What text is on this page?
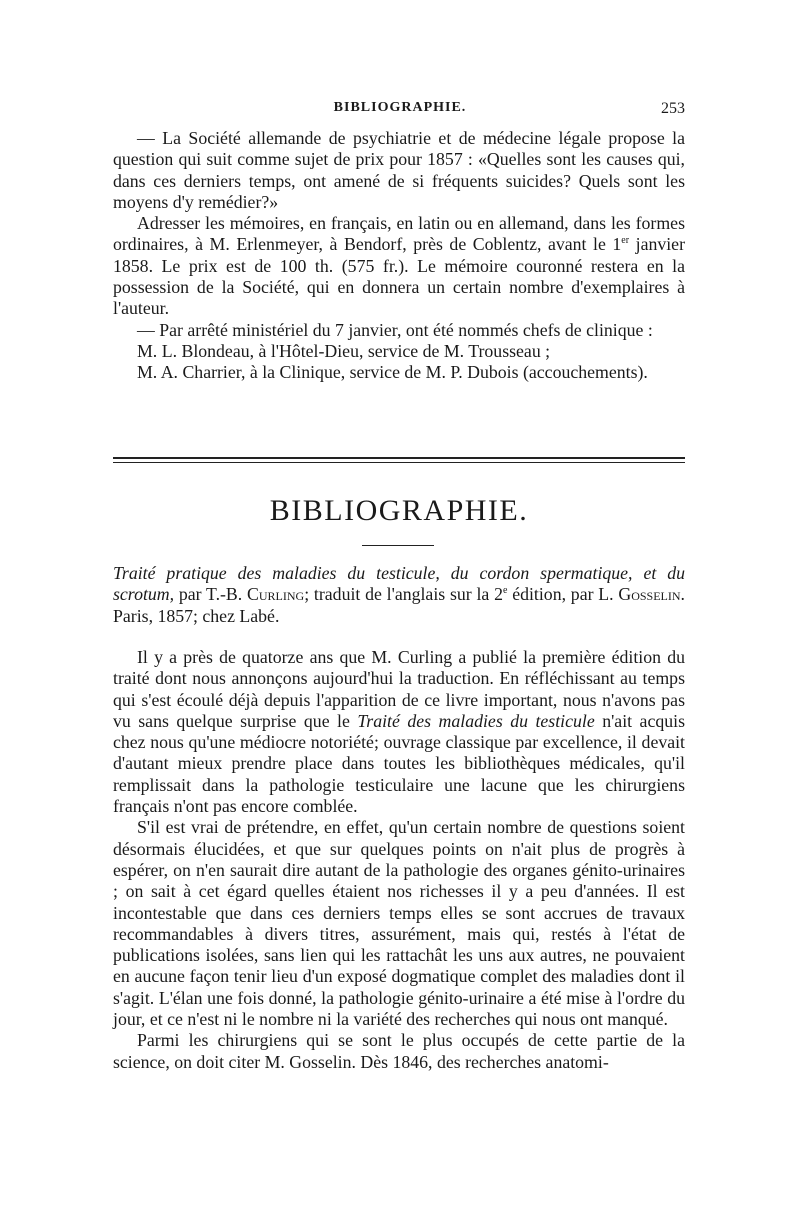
BIBLIOGRAPHIE.	253

— La Société allemande de psychiatrie et de médecine légale propose la question qui suit comme sujet de prix pour 1857 : «Quelles sont les causes qui, dans ces derniers temps, ont amené de si fréquents suicides? Quels sont les moyens d'y remédier?»

Adresser les mémoires, en français, en latin ou en allemand, dans les formes ordinaires, à M. Erlenmeyer, à Bendorf, près de Coblentz, avant le 1er janvier 1858. Le prix est de 100 th. (575 fr.). Le mémoire couronné restera en la possession de la Société, qui en donnera un certain nombre d'exemplaires à l'auteur.

— Par arrêté ministériel du 7 janvier, ont été nommés chefs de clinique :

M. L. Blondeau, à l'Hôtel-Dieu, service de M. Trousseau ;

M. A. Charrier, à la Clinique, service de M. P. Dubois (accouchements).

BIBLIOGRAPHIE.

Traité pratique des maladies du testicule, du cordon spermatique, et du scrotum, par T.-B. Curling; traduit de l'anglais sur la 2e édition, par L. Gosselin. Paris, 1857; chez Labé.

Il y a près de quatorze ans que M. Curling a publié la première édition du traité dont nous annonçons aujourd'hui la traduction. En réfléchissant au temps qui s'est écoulé déjà depuis l'apparition de ce livre important, nous n'avons pas vu sans quelque surprise que le Traité des maladies du testicule n'ait acquis chez nous qu'une médiocre notoriété; ouvrage classique par excellence, il devait d'autant mieux prendre place dans toutes les bibliothèques médicales, qu'il remplissait dans la pathologie testiculaire une lacune que les chirurgiens français n'ont pas encore comblée.

S'il est vrai de prétendre, en effet, qu'un certain nombre de questions soient désormais élucidées, et que sur quelques points on n'ait plus de progrès à espérer, on n'en saurait dire autant de la pathologie des organes génito-urinaires ; on sait à cet égard quelles étaient nos richesses il y a peu d'années. Il est incontestable que dans ces derniers temps elles se sont accrues de travaux recommandables à divers titres, assurément, mais qui, restés à l'état de publications isolées, sans lien qui les rattachât les uns aux autres, ne pouvaient en aucune façon tenir lieu d'un exposé dogmatique complet des maladies dont il s'agit. L'élan une fois donné, la pathologie génito-urinaire a été mise à l'ordre du jour, et ce n'est ni le nombre ni la variété des recherches qui nous ont manqué.

Parmi les chirurgiens qui se sont le plus occupés de cette partie de la science, on doit citer M. Gosselin. Dès 1846, des recherches anatomi-
